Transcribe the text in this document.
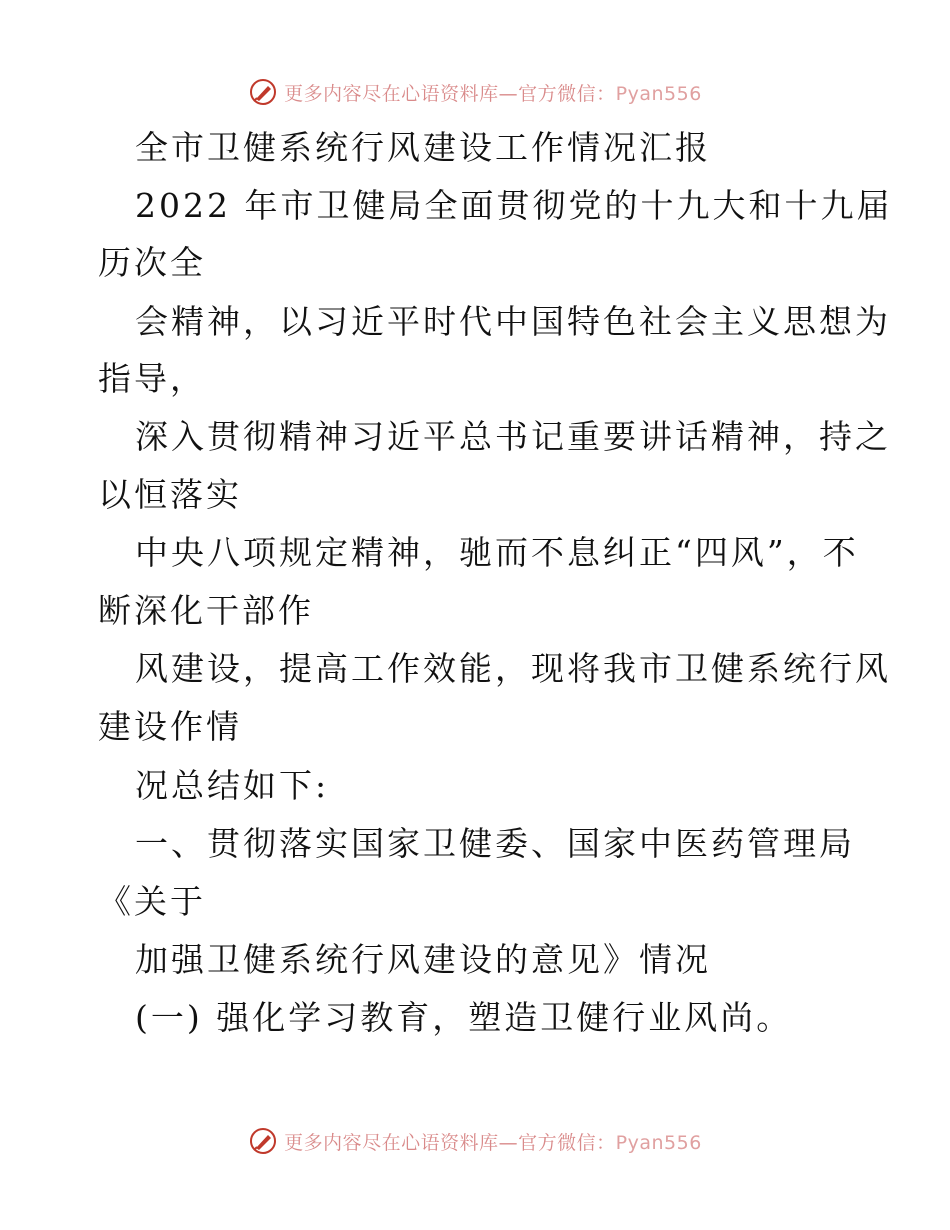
更多内容尽在心语资料库—官方微信：Pyan556
全市卫健系统行风建设工作情况汇报
2022 年市卫健局全面贯彻党的十九大和十九届
历次全
会精神，以习近平时代中国特色社会主义思想为
指导，
深入贯彻精神习近平总书记重要讲话精神，持之
以恒落实
中央八项规定精神，驰而不息纠正“四风”，不
断深化干部作
风建设，提高工作效能，现将我市卫健系统行风
建设作情
况总结如下:
一、贯彻落实国家卫健委、国家中医药管理局
《关于
加强卫健系统行风建设的意见》情况
(一) 强化学习教育，塑造卫健行业风尚。
更多内容尽在心语资料库—官方微信：Pyan556
